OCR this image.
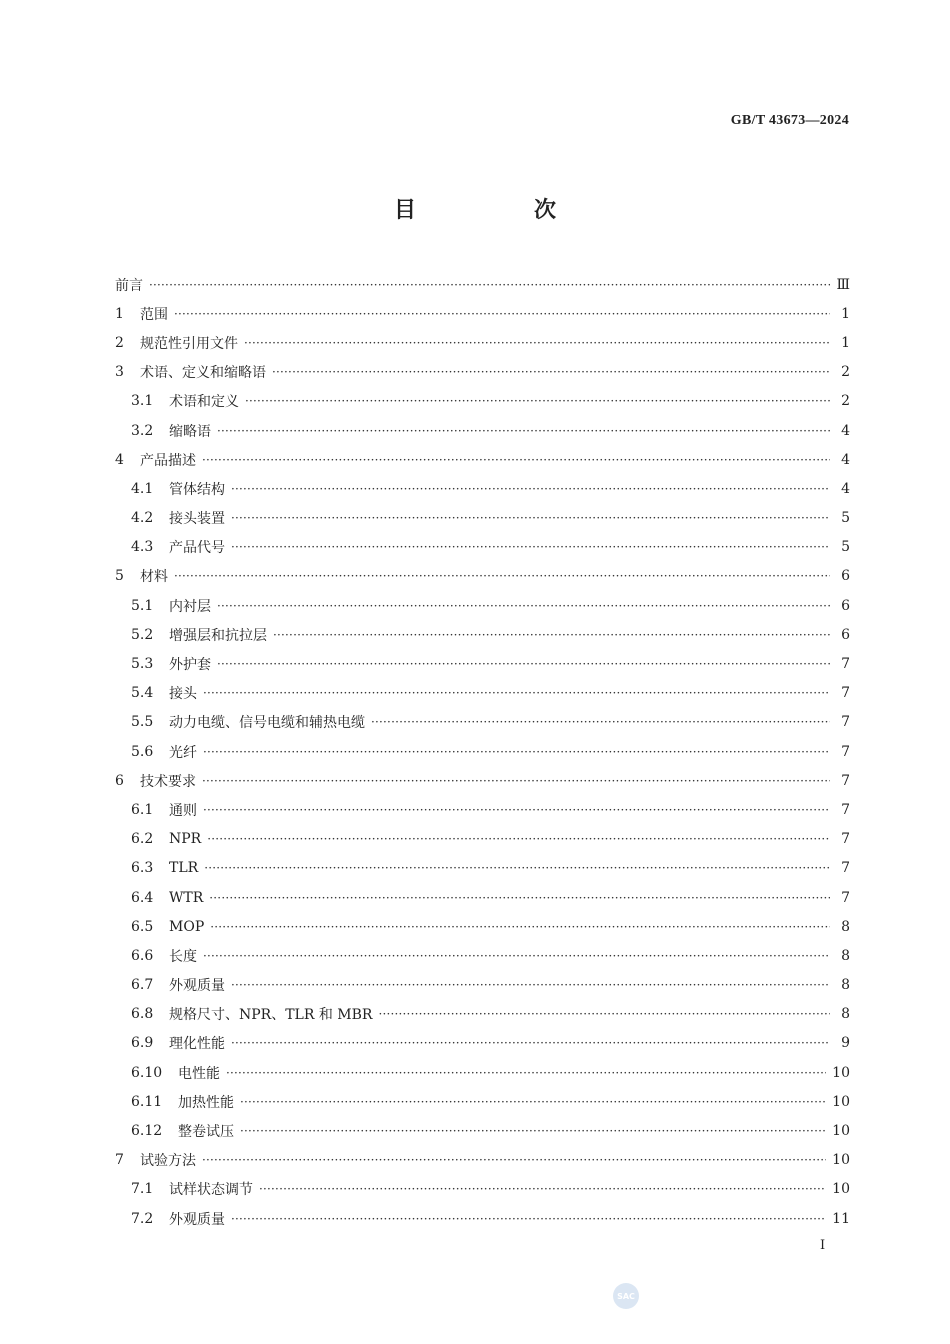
GB/T 43673—2024
目　次
前言 ·····	Ⅲ
1	范围 ·····	1
2	规范性引用文件 ·····	1
3	术语、定义和缩略语 ·····	2
3.1	术语和定义 ·····	2
3.2	缩略语 ·····	4
4	产品描述 ·····	4
4.1	管体结构 ·····	4
4.2	接头装置 ·····	5
4.3	产品代号 ·····	5
5	材料 ·····	6
5.1	内衬层 ·····	6
5.2	增强层和抗拉层 ·····	6
5.3	外护套 ·····	7
5.4	接头 ·····	7
5.5	动力电缆、信号电缆和辅热电缆 ·····	7
5.6	光纤 ·····	7
6	技术要求 ·····	7
6.1	通则 ·····	7
6.2	NPR ·····	7
6.3	TLR ·····	7
6.4	WTR ·····	7
6.5	MOP ·····	8
6.6	长度 ·····	8
6.7	外观质量 ·····	8
6.8	规格尺寸、NPR、TLR 和 MBR ·····	8
6.9	理化性能 ·····	9
6.10	电性能 ·····	10
6.11	加热性能 ·····	10
6.12	整卷试压 ·····	10
7	试验方法 ·····	10
7.1	试样状态调节 ·····	10
7.2	外观质量 ·····	11
I
SAC
